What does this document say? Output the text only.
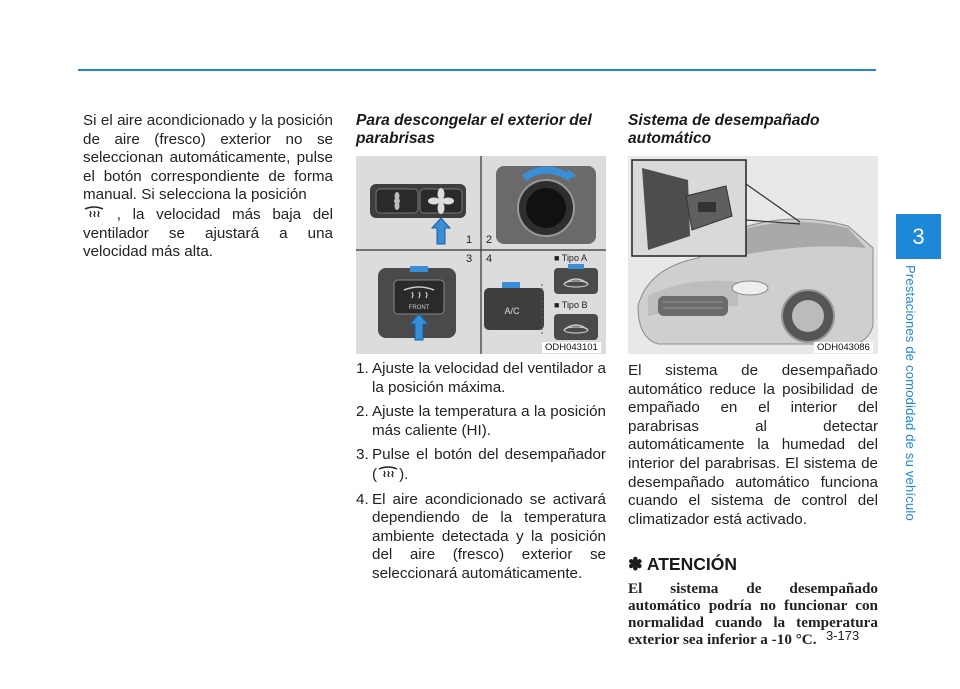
Si el aire acondicionado y la posición de aire (fresco) exterior no se seleccionan automáticamente, pulse el botón correspondiente de forma manual. Si selecciona la posición
, la velocidad más baja del ventilador se ajustará a una velocidad más alta.

Para descongelar el exterior del parabrisas

FRONT	A/C
1 2
3 4	■ Tipo A
■ Tipo B
ODH043101
1. Ajuste la velocidad del ventilador a la posición máxima.
2. Ajuste la temperatura a la posición más caliente (HI).
3. Pulse el botón del desempañador ( ).
4. El aire acondicionado se activará dependiendo de la temperatura ambiente detectada y la posición del aire (fresco) exterior se seleccionará automáticamente.

Sistema de desempañado automático

ODH043086
El sistema de desempañado automático reduce la posibilidad de empañado en el interior del parabrisas al detectar automáticamente la humedad del interior del parabrisas. El sistema de desempañado automático funciona cuando el sistema de control del climatizador está activado.
✽ ATENCIÓN
El sistema de desempañado automático podría no funcionar con normalidad cuando la temperatura exterior sea inferior a -10 °C.
3
Prestaciones de comodidad de su vehículo
3-173
